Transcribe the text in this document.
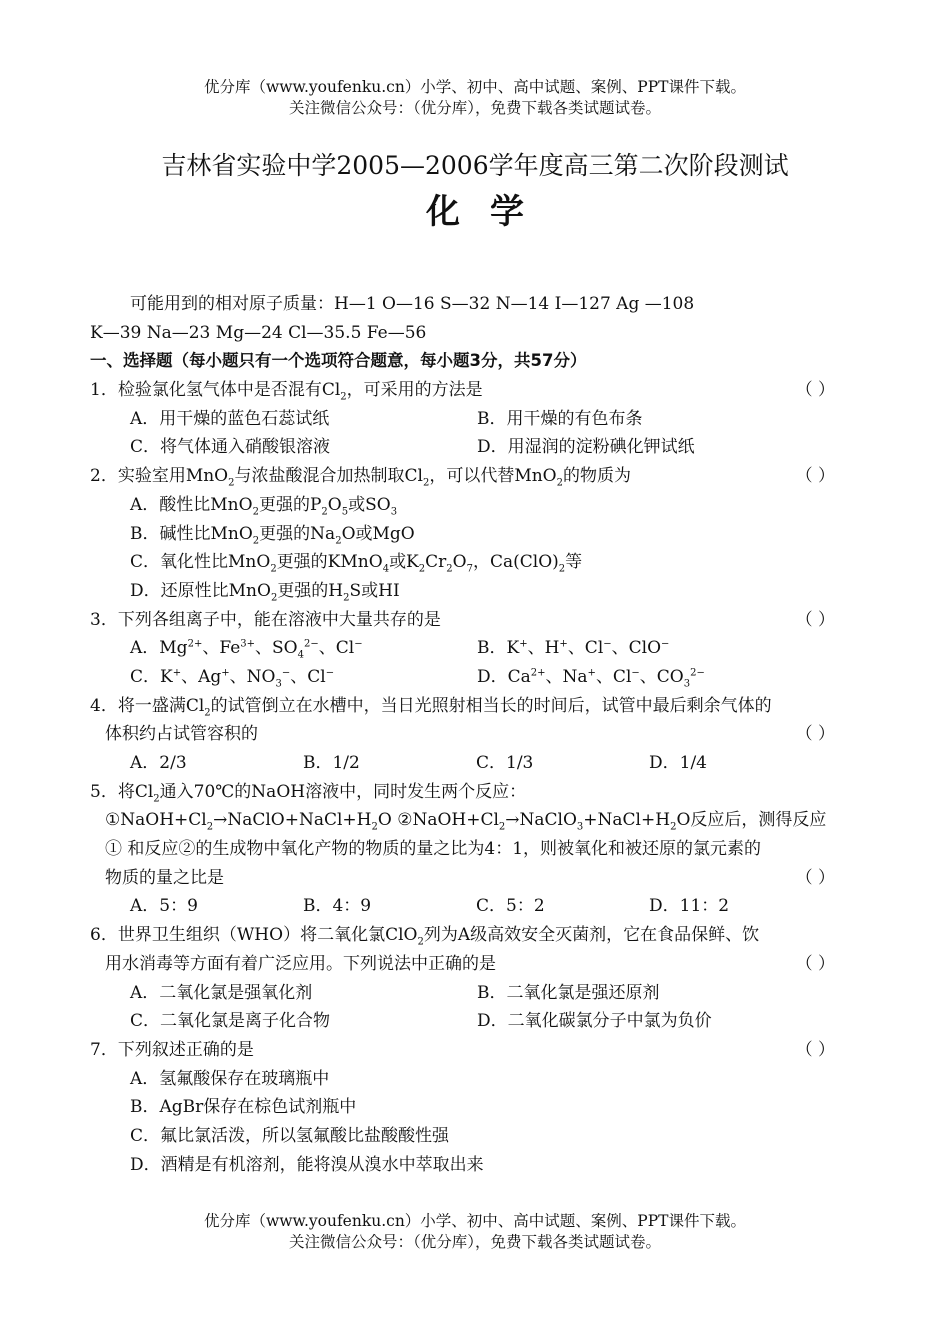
优分库（www.youfenku.cn）小学、初中、高中试题、案例、PPT课件下载。
关注微信公众号：（优分库），免费下载各类试题试卷。
吉林省实验中学2005—2006学年度高三第二次阶段测试
化学
可能用到的相对原子质量：H—1 O—16 S—32 N—14 I—127 Ag —108
K—39 Na—23 Mg—24 Cl—35.5 Fe—56
一、选择题（每小题只有一个选项符合题意，每小题3分，共57分）
1．检验氯化氢气体中是否混有$Cl_2$，可采用的方法是	（ ）
A．用干燥的蓝色石蕊试纸	B．用干燥的有色布条
C．将气体通入硝酸银溶液	D．用湿润的淀粉碘化钾试纸
2．实验室用MnO$_2$与浓盐酸混合加热制取$Cl_2$，可以代替MnO$_2$的物质为	（ ）
A．酸性比MnO$_2$更强的$P_2O_5$或$SO_3$
B．碱性比MnO$_2$更强的$Na_2O$或MgO
C．氧化性比MnO$_2$更强的KMnO$_4$或$K_2Cr_2O_7$，$Ca(ClO)_2$等
D．还原性比MnO$_2$更强的$H_2S$或HI
3．下列各组离子中，能在溶液中大量共存的是	（ ）
A．$Mg^{2+}$、$Fe^{3+}$、$SO_4^{2-}$、Cl−	B．K+、H+、Cl−、ClO−
C．K+、Ag+、$NO_3^-$、Cl−	D．$Ca^{2+}$、Na+、Cl−、$CO_3^{2-}$
4．将一盛满$Cl_2$的试管倒立在水槽中，当日光照射相当长的时间后，试管中最后剩余气体的
体积约占试管容积的	（ ）
A．2/3	B．1/2	C．1/3	D．1/4
5．将$Cl_2$通入70℃的NaOH溶液中，同时发生两个反应：
$①NaOH+Cl_2\to NaClO+NaCl+H_2O$ $②NaOH+Cl_2\to NaClO_3+NaCl+H_2O$反应后，测得反应
① 和反应②的生成物中氧化产物的物质的量之比为4：1，则被氧化和被还原的氯元素的
物质的量之比是	（ ）
A．5：9	B．4：9	C．5：2	D．11：2
6．世界卫生组织（WHO）将二氧化氯ClO$_2$列为A级高效安全灭菌剂，它在食品保鲜、饮
用水消毒等方面有着广泛应用。下列说法中正确的是	（ ）
A．二氧化氯是强氧化剂	B．二氧化氯是强还原剂
C．二氧化氯是离子化合物	D．二氧化碳氯分子中氯为负价
7．下列叙述正确的是	（ ）
A．氢氟酸保存在玻璃瓶中
B．AgBr保存在棕色试剂瓶中
C．氟比氯活泼，所以氢氟酸比盐酸酸性强
D．酒精是有机溶剂，能将溴从溴水中萃取出来
优分库（www.youfenku.cn）小学、初中、高中试题、案例、PPT课件下载。
关注微信公众号：（优分库），免费下载各类试题试卷。
